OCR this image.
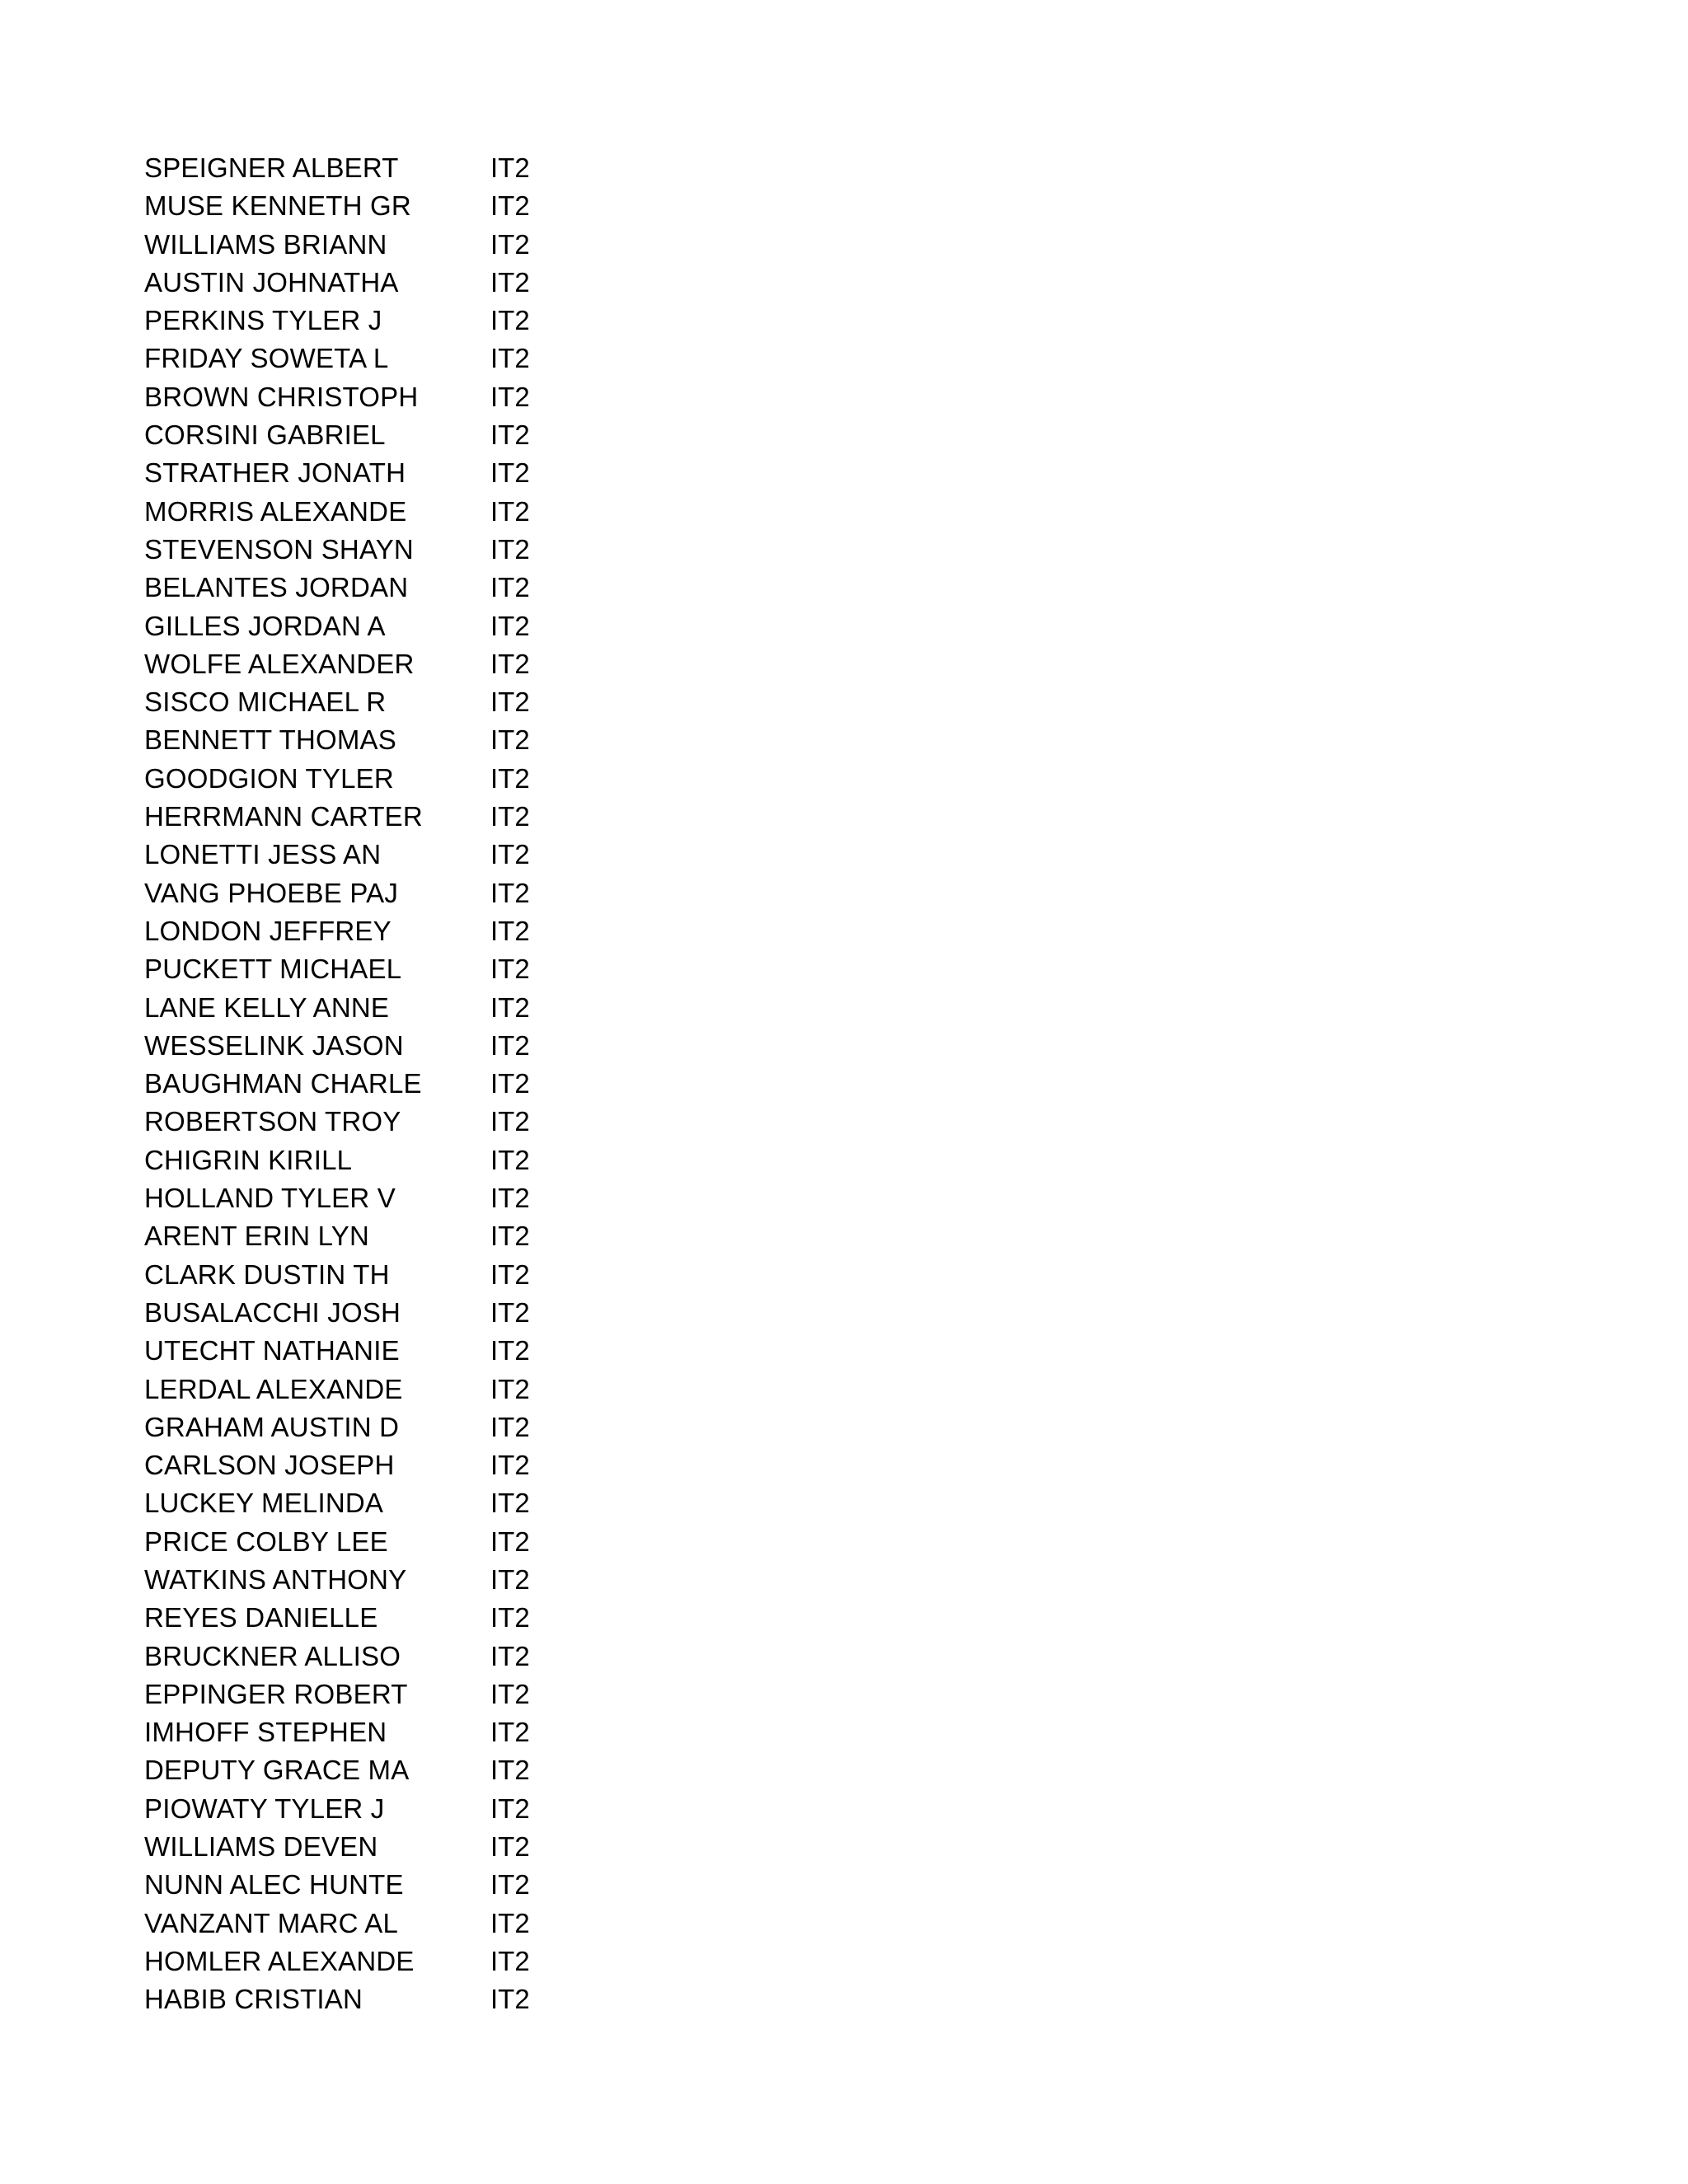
SPEIGNER ALBERT	IT2
MUSE KENNETH GR	IT2
WILLIAMS BRIANN	IT2
AUSTIN JOHNATHA	IT2
PERKINS TYLER J	IT2
FRIDAY SOWETA L	IT2
BROWN CHRISTOPH	IT2
CORSINI GABRIEL	IT2
STRATHER JONATH	IT2
MORRIS ALEXANDE	IT2
STEVENSON SHAYN	IT2
BELANTES JORDAN	IT2
GILLES JORDAN A	IT2
WOLFE ALEXANDER	IT2
SISCO MICHAEL R	IT2
BENNETT THOMAS	IT2
GOODGION TYLER	IT2
HERRMANN CARTER	IT2
LONETTI JESS AN	IT2
VANG PHOEBE PAJ	IT2
LONDON JEFFREY	IT2
PUCKETT MICHAEL	IT2
LANE KELLY ANNE	IT2
WESSELINK JASON	IT2
BAUGHMAN CHARLE	IT2
ROBERTSON TROY	IT2
CHIGRIN KIRILL	IT2
HOLLAND TYLER V	IT2
ARENT ERIN LYN	IT2
CLARK DUSTIN TH	IT2
BUSALACCHI JOSH	IT2
UTECHT NATHANIE	IT2
LERDAL ALEXANDE	IT2
GRAHAM AUSTIN D	IT2
CARLSON JOSEPH	IT2
LUCKEY MELINDA	IT2
PRICE COLBY LEE	IT2
WATKINS ANTHONY	IT2
REYES DANIELLE	IT2
BRUCKNER ALLISO	IT2
EPPINGER ROBERT	IT2
IMHOFF STEPHEN	IT2
DEPUTY GRACE MA	IT2
PIOWATY TYLER J	IT2
WILLIAMS DEVEN	IT2
NUNN ALEC HUNTE	IT2
VANZANT MARC AL	IT2
HOMLER ALEXANDE	IT2
HABIB CRISTIAN	IT2
